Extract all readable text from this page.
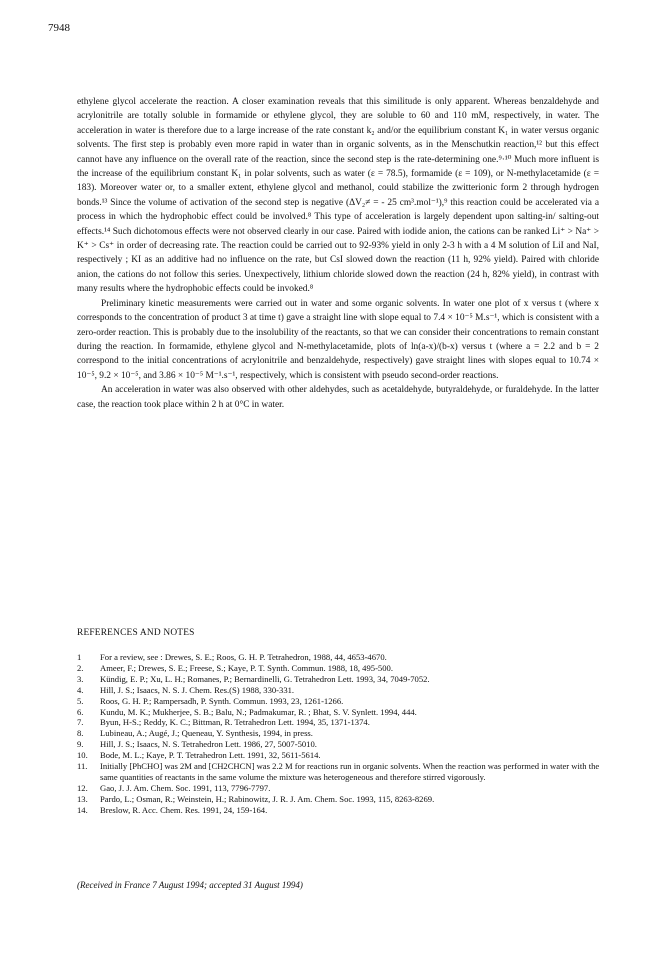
7948

ethylene glycol accelerate the reaction. A closer examination reveals that this similitude is only apparent. Whereas benzaldehyde and acrylonitrile are totally soluble in formamide or ethylene glycol, they are soluble to 60 and 110 mM, respectively, in water. The acceleration in water is therefore due to a large increase of the rate constant k₂ and/or the equilibrium constant K₁ in water versus organic solvents. The first step is probably even more rapid in water than in organic solvents, as in the Menschutkin reaction,¹² but this effect cannot have any influence on the overall rate of the reaction, since the second step is the rate-determining one.⁹·¹⁰ Much more influent is the increase of the equilibrium constant K₁ in polar solvents, such as water (ε = 78.5), formamide (ε = 109), or N-methylacetamide (ε = 183). Moreover water or, to a smaller extent, ethylene glycol and methanol, could stabilize the zwitterionic form 2 through hydrogen bonds.¹³ Since the volume of activation of the second step is negative (ΔV₂≠ = - 25 cm³.mol⁻¹),⁹ this reaction could be accelerated via a process in which the hydrophobic effect could be involved.⁸ This type of acceleration is largely dependent upon salting-in/ salting-out effects.¹⁴ Such dichotomous effects were not observed clearly in our case. Paired with iodide anion, the cations can be ranked Li⁺ > Na⁺ > K⁺ > Cs⁺ in order of decreasing rate. The reaction could be carried out to 92-93% yield in only 2-3 h with a 4 M solution of LiI and NaI, respectively ; KI as an additive had no influence on the rate, but CsI slowed down the reaction (11 h, 92% yield). Paired with chloride anion, the cations do not follow this series. Unexpectively, lithium chloride slowed down the reaction (24 h, 82% yield), in contrast with many results where the hydrophobic effects could be invoked.⁸

Preliminary kinetic measurements were carried out in water and some organic solvents. In water one plot of x versus t (where x corresponds to the concentration of product 3 at time t) gave a straight line with slope equal to 7.4 × 10⁻⁵ M.s⁻¹, which is consistent with a zero-order reaction. This is probably due to the insolubility of the reactants, so that we can consider their concentrations to remain constant during the reaction. In formamide, ethylene glycol and N-methylacetamide, plots of ln(a-x)/(b-x) versus t (where a = 2.2 and b = 2 correspond to the initial concentrations of acrylonitrile and benzaldehyde, respectively) gave straight lines with slopes equal to 10.74 × 10⁻⁵, 9.2 × 10⁻⁵, and 3.86 × 10⁻⁵ M⁻¹.s⁻¹, respectively, which is consistent with pseudo second-order reactions.

An acceleration in water was also observed with other aldehydes, such as acetaldehyde, butyraldehyde, or furaldehyde. In the latter case, the reaction took place within 2 h at 0°C in water.

REFERENCES AND NOTES
1	For a review, see : Drewes, S. E.; Roos, G. H. P. Tetrahedron, 1988, 44, 4653-4670.
2.	Ameer, F.; Drewes, S. E.; Freese, S.; Kaye, P. T. Synth. Commun. 1988, 18, 495-500.
3.	Kündig, E. P.; Xu, L. H.; Romanes, P.; Bernardinelli, G. Tetrahedron Lett. 1993, 34, 7049-7052.
4.	Hill, J. S.; Isaacs, N. S. J. Chem. Res.(S) 1988, 330-331.
5.	Roos, G. H. P.; Rampersadh, P. Synth. Commun. 1993, 23, 1261-1266.
6.	Kundu, M. K.; Mukherjee, S. B.; Balu, N.; Padmakumar, R. ; Bhat, S. V. Synlett. 1994, 444.
7.	Byun, H-S.; Reddy, K. C.; Bittman, R. Tetrahedron Lett. 1994, 35, 1371-1374.
8.	Lubineau, A.; Augé, J.; Queneau, Y. Synthesis, 1994, in press.
9.	Hill, J. S.; Isaacs, N. S. Tetrahedron Lett. 1986, 27, 5007-5010.
10.	Bode, M. L.; Kaye, P. T. Tetrahedron Lett. 1991, 32, 5611-5614.
11.	Initially [PhCHO] was 2M and [CH2CHCN] was 2.2 M for reactions run in organic solvents. When the reaction was performed in water with the same quantities of reactants in the same volume the mixture was heterogeneous and therefore stirred vigorously.
12.	Gao, J. J. Am. Chem. Soc. 1991, 113, 7796-7797.
13.	Pardo, L.; Osman, R.; Weinstein, H.; Rabinowitz, J. R. J. Am. Chem. Soc. 1993, 115, 8263-8269.
14.	Breslow, R. Acc. Chem. Res. 1991, 24, 159-164.
(Received in France 7 August 1994; accepted 31 August 1994)
